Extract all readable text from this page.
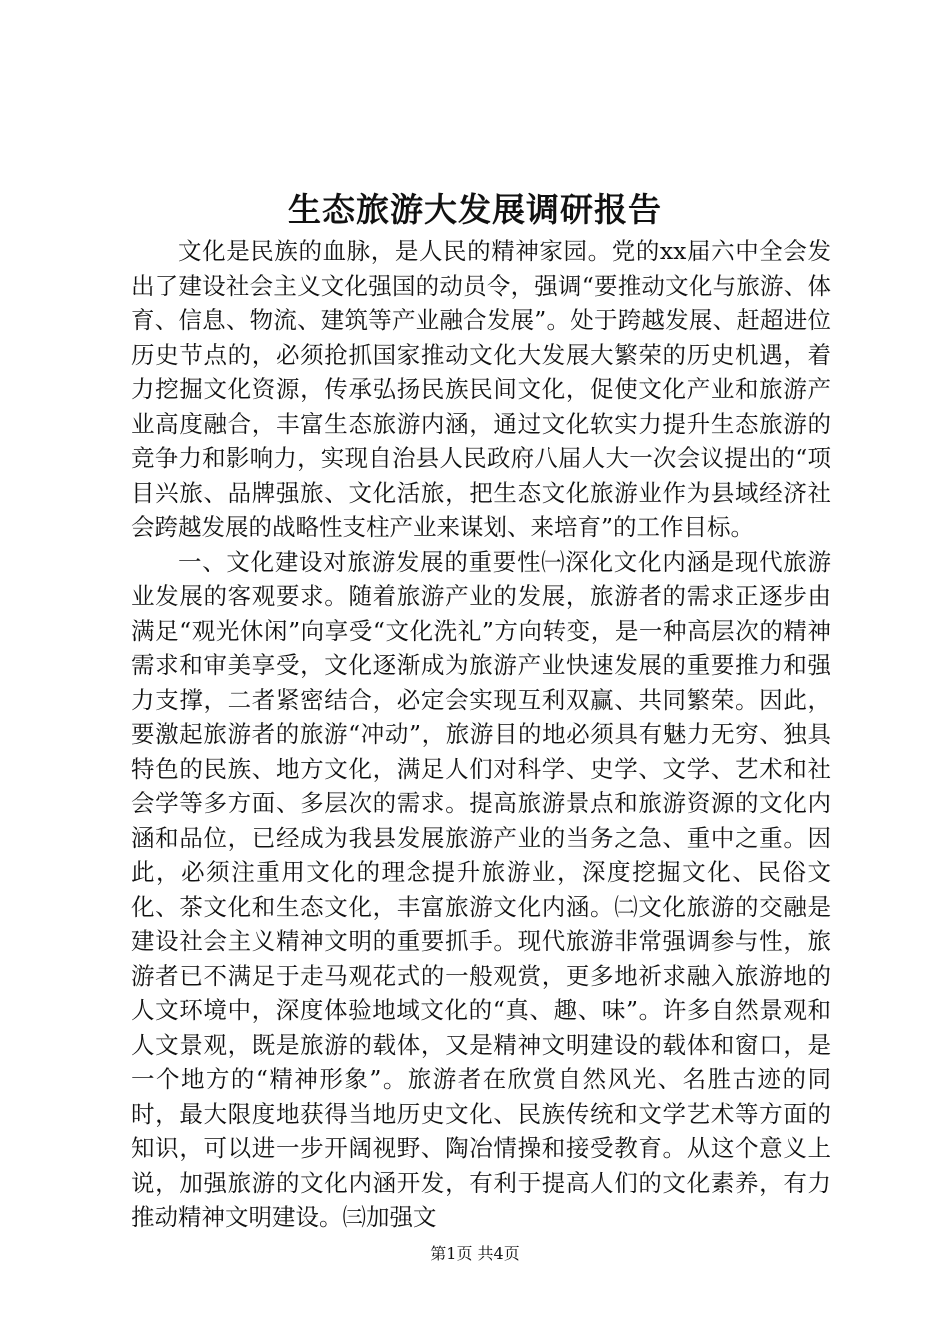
生态旅游大发展调研报告

文化是民族的血脉，是人民的精神家园。党的xx届六中全会发出了建设社会主义文化强国的动员令，强调“要推动文化与旅游、体育、信息、物流、建筑等产业融合发展”。处于跨越发展、赶超进位历史节点的，必须抢抓国家推动文化大发展大繁荣的历史机遇，着力挖掘文化资源，传承弘扬民族民间文化，促使文化产业和旅游产业高度融合，丰富生态旅游内涵，通过文化软实力提升生态旅游的竞争力和影响力，实现自治县人民政府八届人大一次会议提出的“项目兴旅、品牌强旅、文化活旅，把生态文化旅游业作为县域经济社会跨越发展的战略性支柱产业来谋划、来培育”的工作目标。

一、文化建设对旅游发展的重要性㈠深化文化内涵是现代旅游业发展的客观要求。随着旅游产业的发展，旅游者的需求正逐步由满足“观光休闲”向享受“文化洗礼”方向转变，是一种高层次的精神需求和审美享受，文化逐渐成为旅游产业快速发展的重要推力和强力支撑，二者紧密结合，必定会实现互利双赢、共同繁荣。因此，要激起旅游者的旅游“冲动”，旅游目的地必须具有魅力无穷、独具特色的民族、地方文化，满足人们对科学、史学、文学、艺术和社会学等多方面、多层次的需求。提高旅游景点和旅游资源的文化内涵和品位，已经成为我县发展旅游产业的当务之急、重中之重。因此，必须注重用文化的理念提升旅游业，深度挖掘文化、民俗文化、茶文化和生态文化，丰富旅游文化内涵。㈡文化旅游的交融是建设社会主义精神文明的重要抓手。现代旅游非常强调参与性，旅游者已不满足于走马观花式的一般观赏，更多地祈求融入旅游地的人文环境中，深度体验地域文化的“真、趣、味”。许多自然景观和人文景观，既是旅游的载体，又是精神文明建设的载体和窗口，是一个地方的“精神形象”。旅游者在欣赏自然风光、名胜古迹的同时，最大限度地获得当地历史文化、民族传统和文学艺术等方面的知识，可以进一步开阔视野、陶冶情操和接受教育。从这个意义上说，加强旅游的文化内涵开发，有利于提高人们的文化素养，有力推动精神文明建设。㈢加强文

第1页 共4页
